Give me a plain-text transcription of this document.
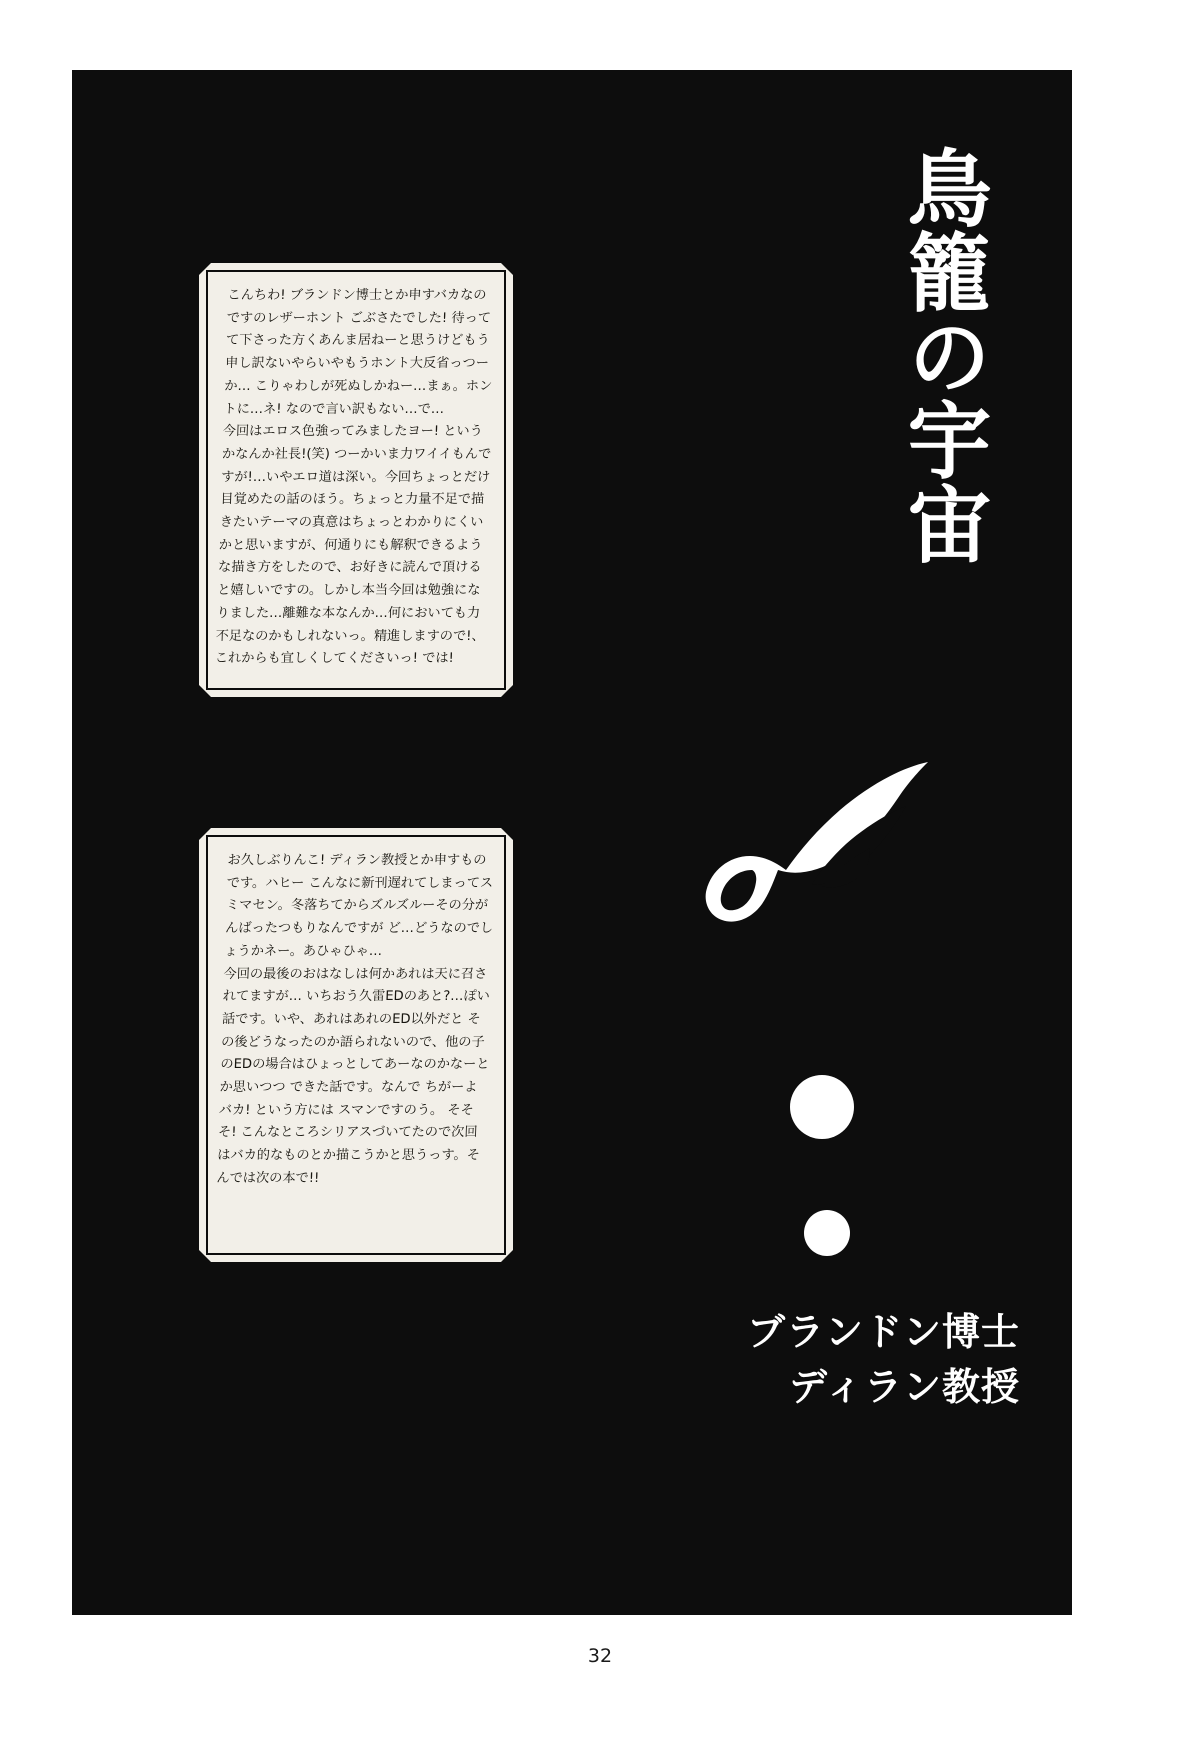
鳥籠の宇宙
こんちわ! ブランドン博士とか申すバカなのですのレザーホント ごぶさたでした! 待ってて下さった方くあんま居ねーと思うけどもう申し訳ないやらいやもうホント大反省っつーか… こりゃわしが死ぬしかねー…まぁ。ホントに…ネ! なので言い訳もない…で…
今回はエロス色強ってみましたヨー! というかなんか社長!(笑) つーかいま力ワイイもんですが!…いやエロ道は深い。今回ちょっとだけ目覚めたの話のほう。ちょっと力量不足で描きたいテーマの真意はちょっとわかりにくいかと思いますが、何通りにも解釈できるような描き方をしたので、お好きに読んで頂けると嬉しいですの。しかし本当今回は勉強になりました…離難な本なんか…何においても力不足なのかもしれないっ。精進しますので!、これからも宜しくしてくださいっ! では!
お久しぶりんこ! ディラン教授とか申すものです。ハヒー こんなに新刊遅れてしまってスミマセン。冬落ちてからズルズルーその分がんばったつもりなんですが ど…どうなのでしょうかネー。あひゃひゃ…
今回の最後のおはなしは何かあれは天に召されてますが… いちおう久雷EDのあと?…ぽい話です。いや、あれはあれのED以外だと その後どうなったのか語られないので、他の子のEDの場合はひょっとしてあーなのかなーとか思いつつ できた話です。なんで ちがーよバカ! という方には スマンですのう。 そそそ! こんなところシリアスづいてたので次回はバカ的なものとか描こうかと思うっす。そんでは次の本で!!
ブランドン博士
ディラン教授
32
